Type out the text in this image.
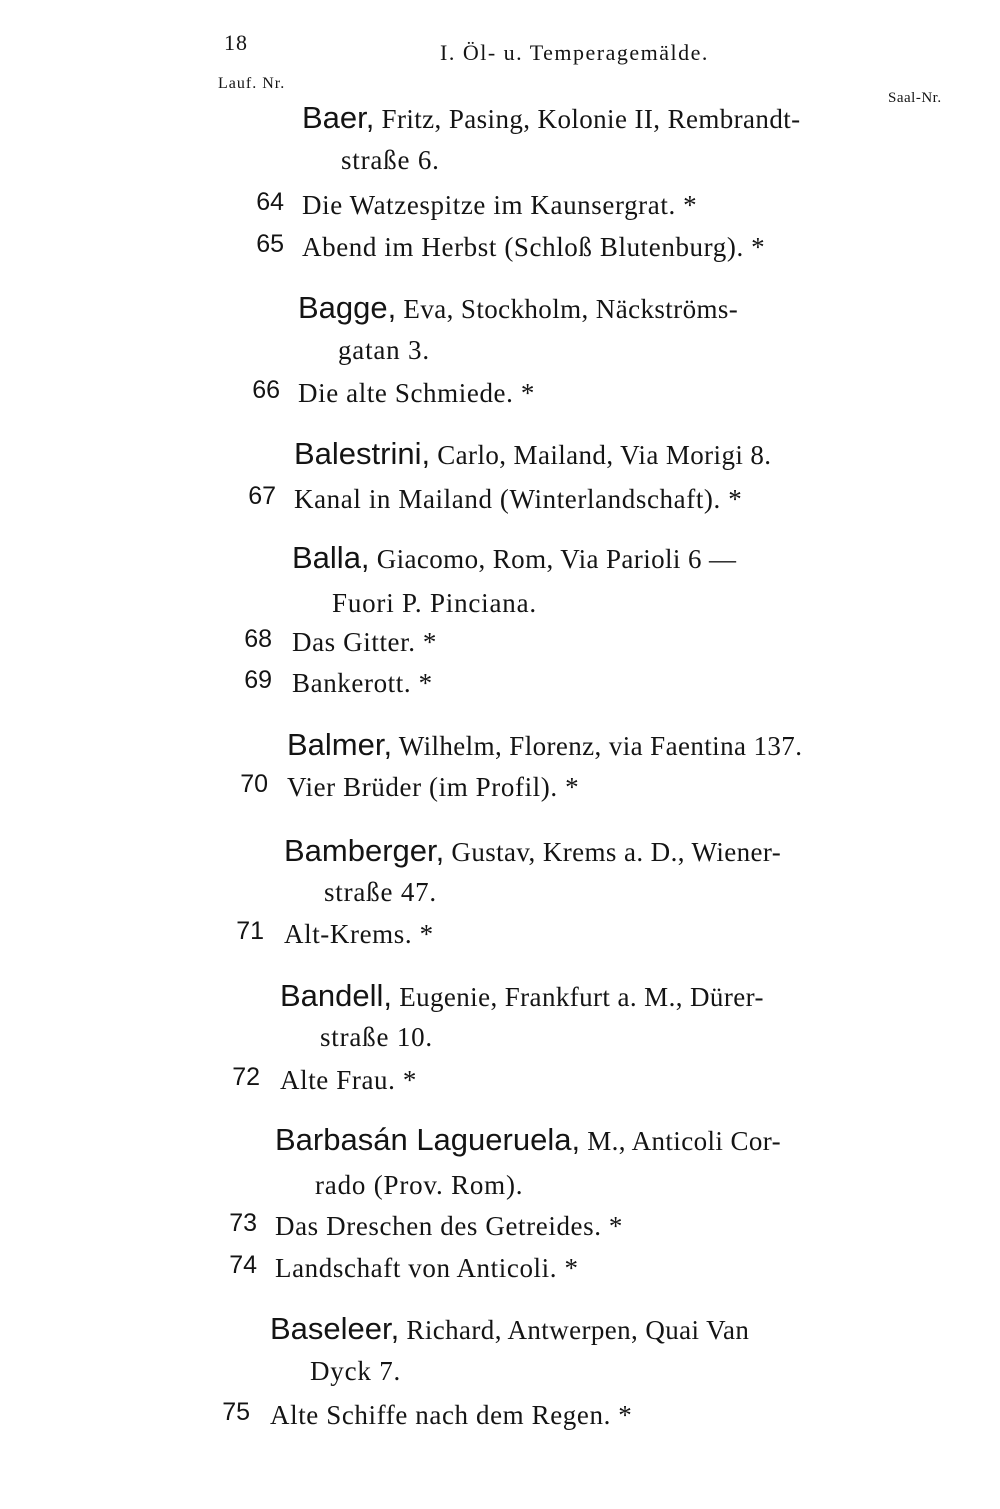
18	I. Öl- u. Temperagemälde.
Lauf. Nr.
Saal-Nr.
Baer, Fritz, Pasing, Kolonie II, Rembrandt-
straße 6.
64 Die Watzespitze im Kaunsergrat. *
65 Abend im Herbst (Schloß Blutenburg). *
Bagge, Eva, Stockholm, Näckströms-
gatan 3.
66 Die alte Schmiede. *
Balestrini, Carlo, Mailand, Via Morigi 8.
67 Kanal in Mailand (Winterlandschaft). *
Balla, Giacomo, Rom, Via Parioli 6 —
Fuori P. Pinciana.
68 Das Gitter. *
69 Bankerott. *
Balmer, Wilhelm, Florenz, via Faentina 137.
70 Vier Brüder (im Profil). *
Bamberger, Gustav, Krems a. D., Wiener-
straße 47.
71 Alt-Krems. *
Bandell, Eugenie, Frankfurt a. M., Dürer-
straße 10.
72 Alte Frau. *
Barbasán Lagueruela, M., Anticoli Cor-
rado (Prov. Rom).
73 Das Dreschen des Getreides. *
74 Landschaft von Anticoli. *
Baseleer, Richard, Antwerpen, Quai Van
Dyck 7.
75 Alte Schiffe nach dem Regen. *
